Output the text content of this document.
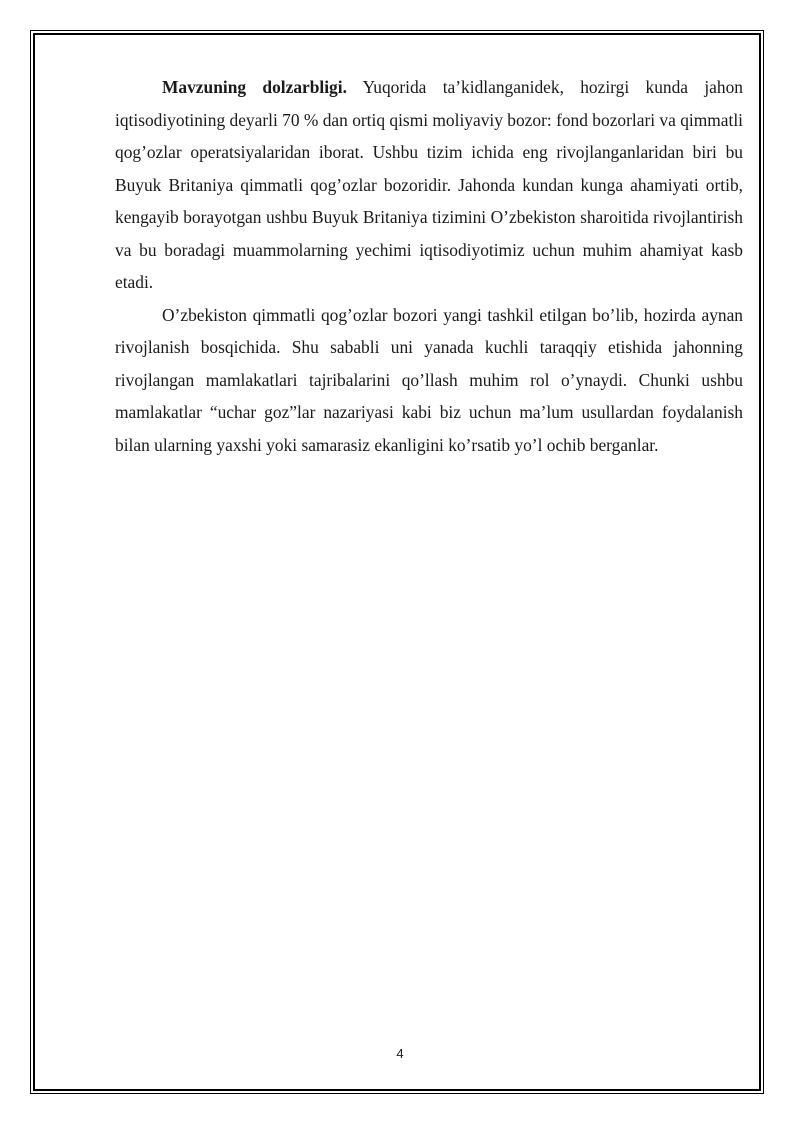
Mavzuning dolzarbligi. Yuqorida ta’kidlanganidek, hozirgi kunda jahon iqtisodiyotining deyarli 70 % dan ortiq qismi moliyaviy bozor: fond bozorlari va qimmatli qog’ozlar operatsiyalaridan iborat. Ushbu tizim ichida eng rivojlanganlaridan biri bu Buyuk Britaniya qimmatli qog’ozlar bozoridir. Jahonda kundan kunga ahamiyati ortib, kengayib borayotgan ushbu Buyuk Britaniya tizimini O’zbekiston sharoitida rivojlantirish va bu boradagi muammolarning yechimi iqtisodiyotimiz uchun muhim ahamiyat kasb etadi.

O’zbekiston qimmatli qog’ozlar bozori yangi tashkil etilgan bo’lib, hozirda aynan rivojlanish bosqichida. Shu sababli uni yanada kuchli taraqqiy etishida jahonning rivojlangan mamlakatlari tajribalarini qo’llash muhim rol o’ynaydi. Chunki ushbu mamlakatlar “uchar goz”lar nazariyasi kabi biz uchun ma’lum usullardan foydalanish bilan ularning yaxshi yoki samarasiz ekanligini ko’rsatib yo’l ochib berganlar.

4
